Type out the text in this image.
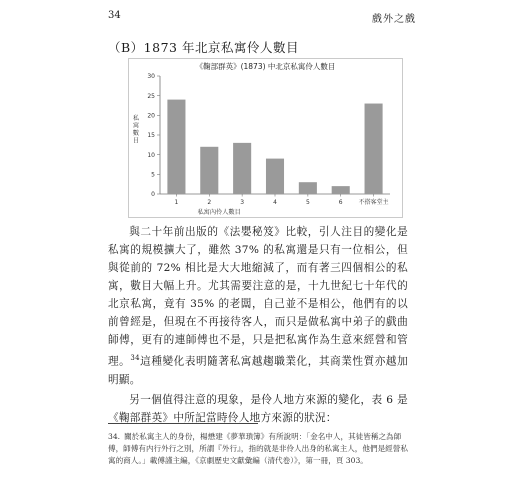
34	戲外之戲
（B）1873 年北京私寓伶人數目
《鞠部群英》(1873) 中北京私寓伶人數目
0
5
10
15
20
25
30
私寓數目
1	2	3	4	5	6	不搭客堂主
私寓內伶人數目

與二十年前出版的《法嬰秘笈》比較，引人注目的變化是私寓的規模擴大了，雖然 37% 的私寓還是只有一位相公，但與從前的 72% 相比是大大地縮減了，而有著三四個相公的私寓，數目大幅上升。尤其需要注意的是，十九世紀七十年代的北京私寓，竟有 35% 的老闆，自己並不是相公，他們有的以前曾經是，但現在不再接待客人，而只是做私寓中弟子的戲曲師傅，更有的連師傅也不是，只是把私寓作為生意來經營和管理。$^{34}$這種變化表明隨著私寓越趨職業化，其商業性質亦越加明顯。

另一個值得注意的現象，是伶人地方來源的變化，表 6 是《鞠部群英》中所記當時伶人地方來源的狀況：

34. 關於私寓主人的身份，楊懋建《夢華瑣簿》有所說明：「金名中人，其徒皆稱之為師傅，師傅有内行外行之別，所謂『外行』，指的就是非伶人出身的私寓主人，他們是經營私寓的商人。」載傅謹主編，《京劇歷史文獻彙編（清代卷）》，第一冊，頁 303。
